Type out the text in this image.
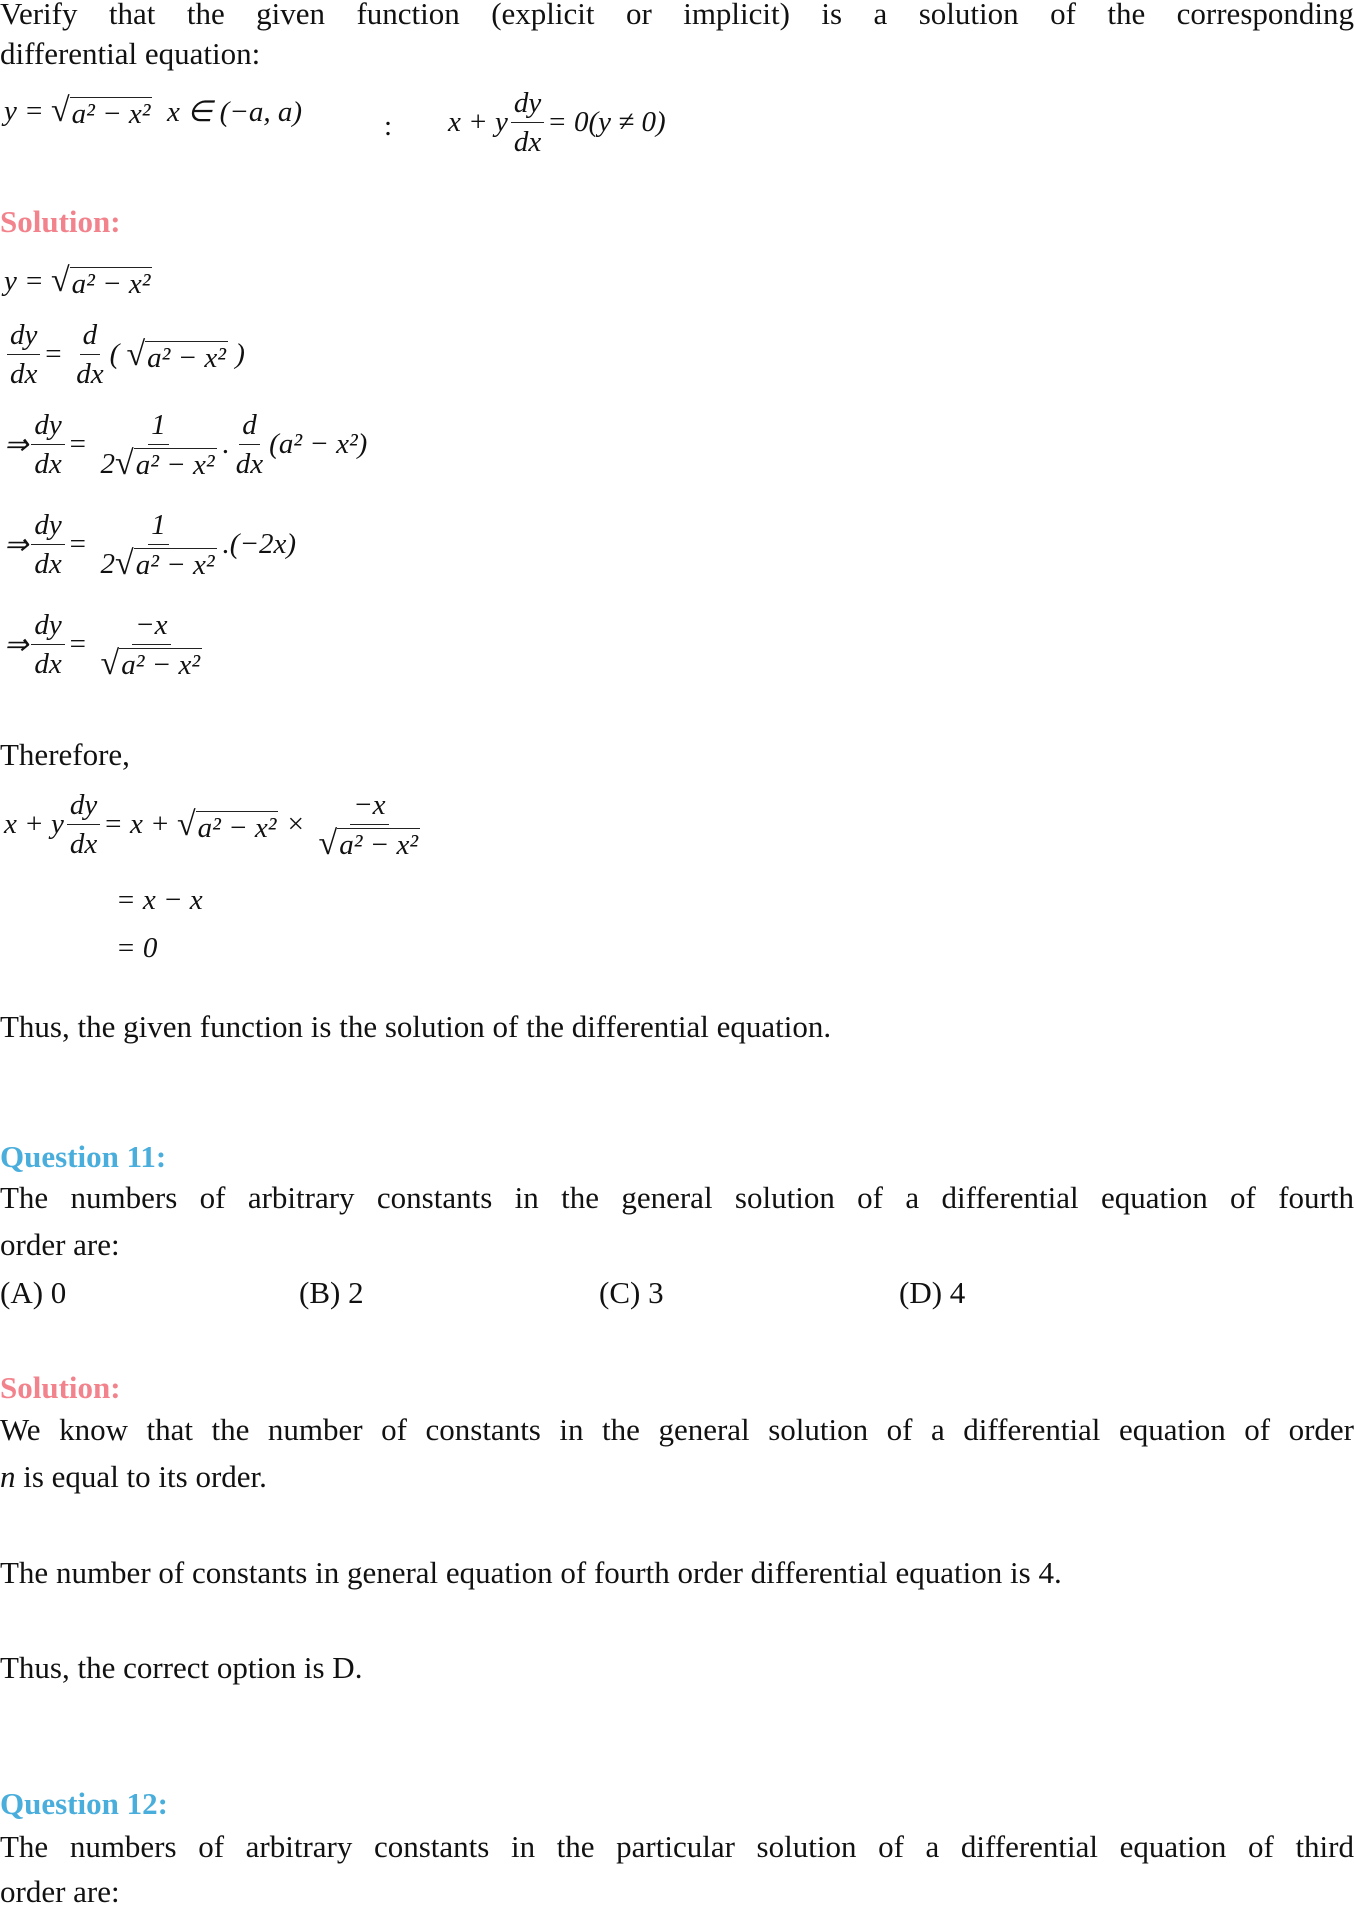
Verify that the given function (explicit or implicit) is a solution of the corresponding
differential equation:
y = √ a² − x² x ∈ (−a, a)	: x + y $\frac{dy}{dx} = 0(y \ne 0)$
Solution:
y = √ a² − x²
$\frac{dy}{dx} = \frac{d}{dx}$ ( √ a² − x² )
⇒ $\frac{dy}{dx} = \frac{1}{\text{2 √ a² − x²}}$ . $\frac{d}{dx} (a^2 - x^2)$
⇒ $\frac{dy}{dx} = \frac{1}{\text{2 √ a² − x²}} .(-2x)$
⇒ $\frac{dy}{dx} = \frac{-x}{\text{√ a² − x²}}$
Therefore,
x + y $\frac{dy}{dx} = x$ + √ $a^2 - x^2 \times \frac{-x}{\text{√ a² − x²}}$
= x − x
= 0
Thus, the given function is the solution of the differential equation.
Question 11:
The numbers of arbitrary constants in the general solution of a differential equation of fourth
order are:
(A) 0	(B) 2	(C) 3	(D) 4
Solution:
We know that the number of constants in the general solution of a differential equation of order
n is equal to its order.
The number of constants in general equation of fourth order differential equation is 4.
Thus, the correct option is D.
Question 12:
The numbers of arbitrary constants in the particular solution of a differential equation of third
order are:
